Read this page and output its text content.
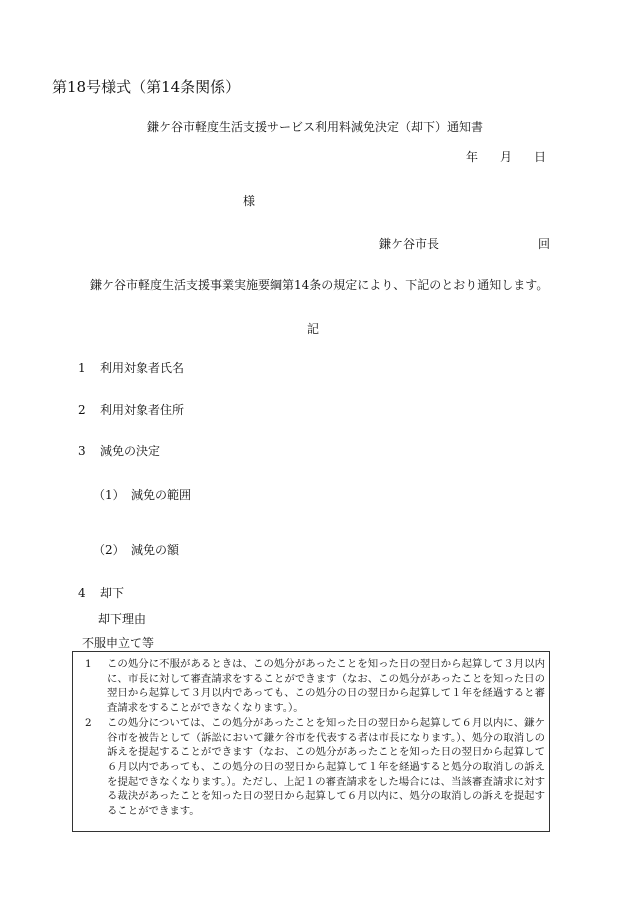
第18号様式（第14条関係）
鎌ケ谷市軽度生活支援サービス利用料減免決定（却下）通知書
年 月 日
様
鎌ケ谷市長	回
鎌ケ谷市軽度生活支援事業実施要綱第14条の規定により、下記のとおり通知します。
記
1 利用対象者氏名
2 利用対象者住所
3 減免の決定
（1） 減免の範囲
（2） 減免の額
4 却下
却下理由
不服申立て等
1	この処分に不服があるときは、この処分があったことを知った日の翌日から起算して３月以内に、市長に対して審査請求をすることができます（なお、この処分があったことを知った日の翌日から起算して３月以内であっても、この処分の日の翌日から起算して１年を経過すると審査請求をすることができなくなります。）。
2	この処分については、この処分があったことを知った日の翌日から起算して６月以内に、鎌ケ谷市を被告として（訴訟において鎌ケ谷市を代表する者は市長になります。）、処分の取消しの訴えを提起することができます（なお、この処分があったことを知った日の翌日から起算して６月以内であっても、この処分の日の翌日から起算して１年を経過すると処分の取消しの訴えを提起できなくなります。）。ただし、上記１の審査請求をした場合には、当該審査請求に対する裁決があったことを知った日の翌日から起算して６月以内に、処分の取消しの訴えを提起することができます。
